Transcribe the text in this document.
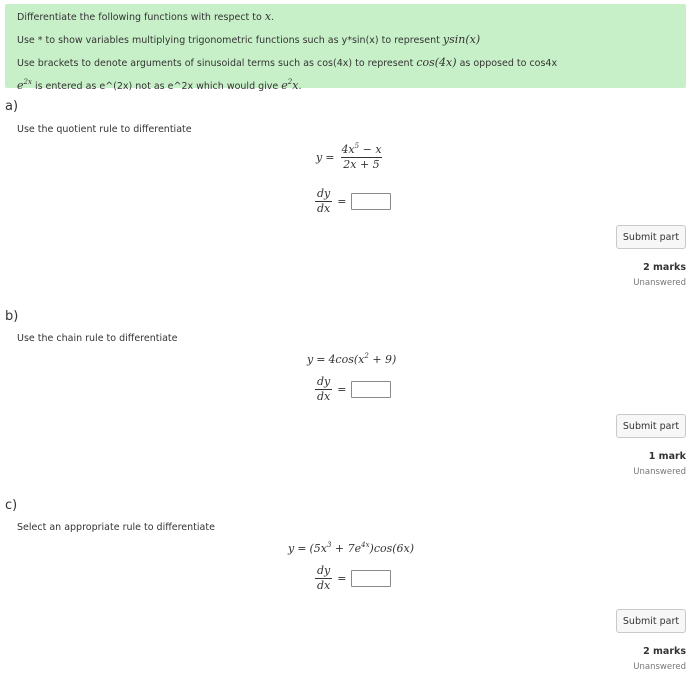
Differentiate the following functions with respect to x.
Use * to show variables multiplying trigonometric functions such as y*sin(x) to represent ysin(x)
Use brackets to denote arguments of sinusoidal terms such as cos(4x) to represent cos(4x) as opposed to cos4x
$e^{2x}$ is entered as e^(2x) not as e^2x which would give $e^2x$.
a)
Use the quotient rule to differentiate
$y = \frac{4x^5 - x}{2x + 5}$
$\frac{dy}{dx}$ =
Submit part
2 marks
Unanswered
b)
Use the chain rule to differentiate
$y = 4\cos(x^2 + 9)$
$\frac{dy}{dx}$ =
Submit part
1 mark
Unanswered
c)
Select an appropriate rule to differentiate
$y = (5x^3 + 7e^{4x})\cos(6x)$
$\frac{dy}{dx}$ =
Submit part
2 marks
Unanswered
